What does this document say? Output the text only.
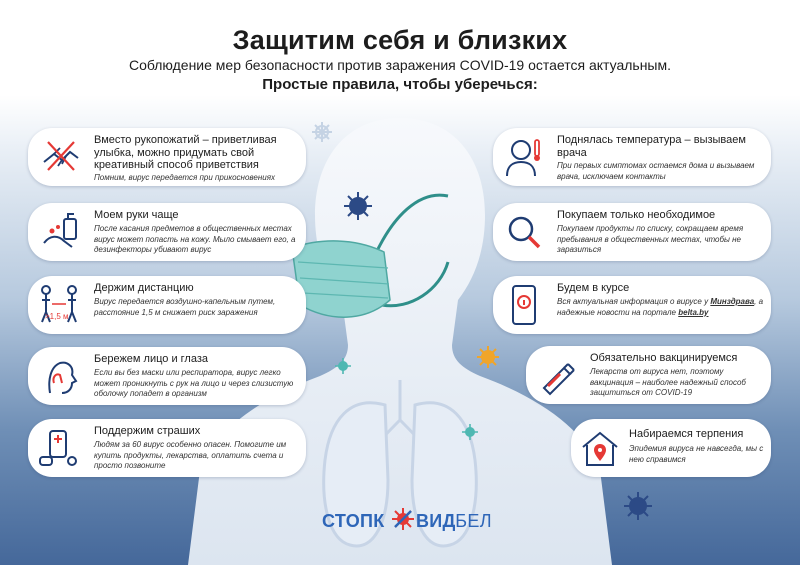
Защитим себя и близких
Соблюдение мер безопасности против заражения COVID-19 остается актуальным.
Простые правила, чтобы уберечься:
Вместо рукопожатий – приветливая улыбка, можно придумать свой креативный способ приветствия
Помним, вирус передается при прикосновениях
Моем руки чаще
После касания предметов в общественных местах вирус может попасть на кожу. Мыло смывает его, а дезинфекторы убивают вирус
>1,5 м
Держим дистанцию
Вирус передается воздушно-капельным путем, расстояние 1,5 м снижает риск заражения
Бережем лицо и глаза
Если вы без маски или респиратора, вирус легко может проникнуть с рук на лицо и через слизистую оболочку попадет в организм
Поддержим страших
Людям за 60 вирус особенно опасен. Помогите им купить продукты, лекарства, оплатить счета и просто позвоните
Поднялась температура – вызываем врача
При первых симптомах остаемся дома и вызываем врача, исключаем контакты
Покупаем только необходимое
Покупаем продукты по списку, сокращаем время пребывания в общественных местах, чтобы не заразиться
Будем в курсе
Вся актуальная информация о вирусе у Минздрава, а надежные новости на портале belta.by
Обязательно вакцинируемся
Лекарств от вируса нет, поэтому вакцинация – наиболее надежный способ защититься от COVID-19
Набираемся терпения
Эпидемия вируса не навсегда, мы с нею справимся
СТОПК ВИД
.БЕЛ
